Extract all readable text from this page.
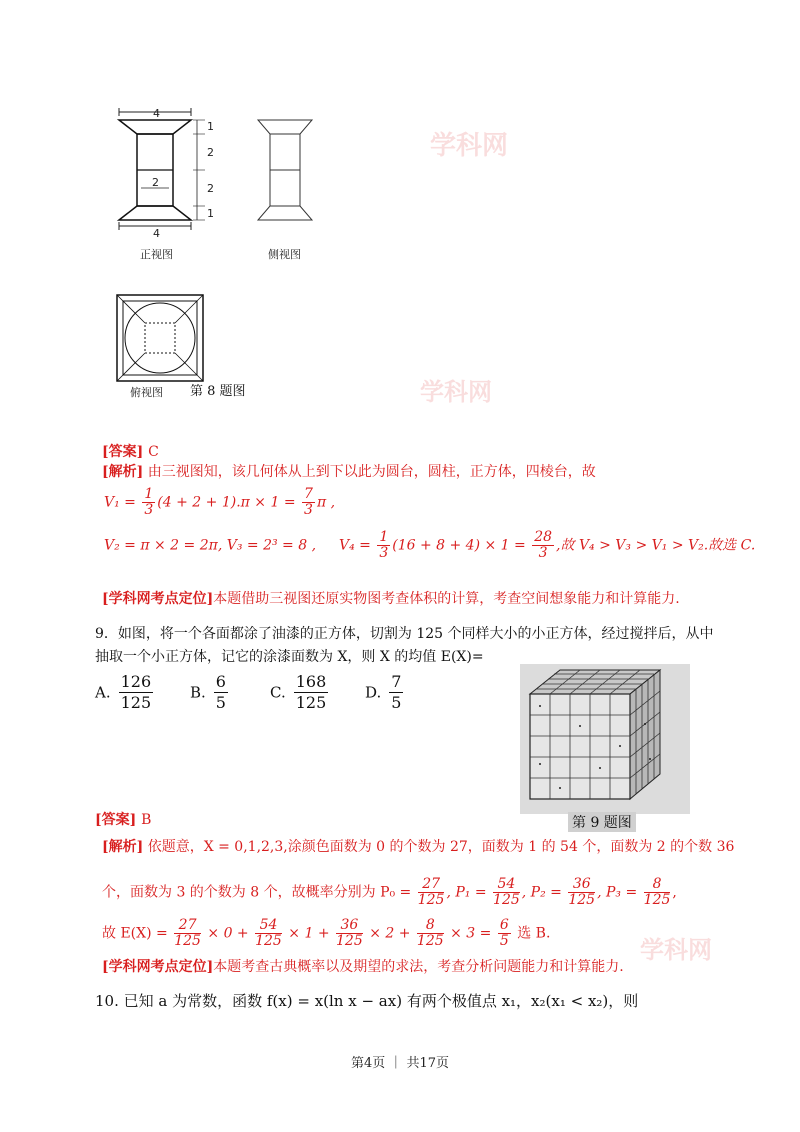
4
2
4
1
2
2
1
正视图	侧视图
俯视图 第 8 题图
学科网
学科网
学科网
[答案] C
[解析] 由三视图知，该几何体从上到下以此为圆台，圆柱，正方体，四棱台，故
$V_1 = \frac{1}{3} (4 + 2 + 1).\pi \times 1 = \frac{7}{3}$ π ,
V₂ = π × 2 = 2π, V₃ = 2³ = 8 , $V_4 = \frac{1}{3} (16 + 8 + 4) \times 1 = \frac{28}{3}$ ,故 V₄ > V₃ > V₁ > V₂.故选 C.
[学科网考点定位]本题借助三视图还原实物图考查体积的计算，考查空间想象能力和计算能力.
9．如图，将一个各面都涂了油漆的正方体，切割为 125 个同样大小的小正方体，经过搅拌后，从中
抽取一个小正方体，记它的涂漆面数为 X，则 X 的均值 E(X)=
A. $\frac{126}{125} B$. $\frac{6}{5}$	C. $\frac{168}{125} D$. $\frac{7}{5}$
第 9 题图
[答案] B
[解析] 依题意，X = 0,1,2,3,涂颜色面数为 0 的个数为 27，面数为 1 的 54 个，面数为 2 的个数 36
个，面数为 3 的个数为 8 个，故概率分别为 $P_0 = \frac{27}{125}$ , $P_1 = \frac{54}{125}$ , $P_2 = \frac{36}{125}$ , $P_3 = \frac{8}{125}$ ,
故 $E(X) = \frac{27}{125} \times 0 + \frac{54}{125} \times 1 + \frac{36}{125} \times 2 + \frac{8}{125} \times 3 = \frac{6}{5}$ 选 B.
[学科网考点定位]本题考查古典概率以及期望的求法，考查分析问题能力和计算能力.
10. 已知 a 为常数，函数 f(x) = x(ln x − ax) 有两个极值点 x₁，x₂(x₁ < x₂)，则
第4页 ｜ 共17页
